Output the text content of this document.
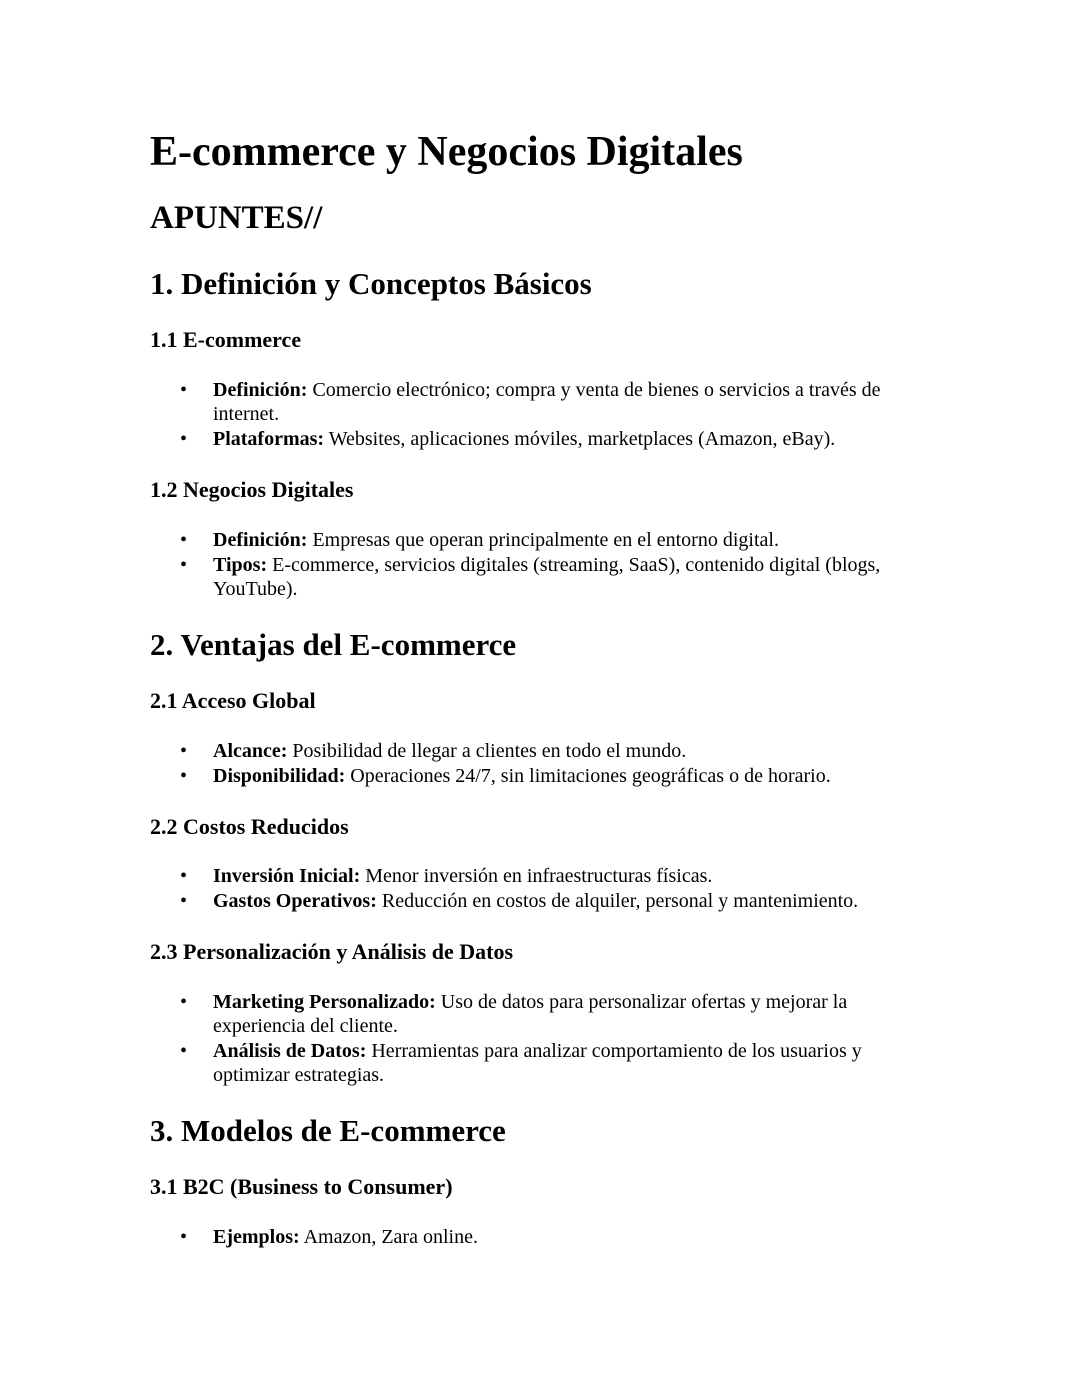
E-commerce y Negocios Digitales
APUNTES//
1. Definición y Conceptos Básicos
1.1 E-commerce
• Definición: Comercio electrónico; compra y venta de bienes o servicios a través de internet.
• Plataformas: Websites, aplicaciones móviles, marketplaces (Amazon, eBay).
1.2 Negocios Digitales
• Definición: Empresas que operan principalmente en el entorno digital.
• Tipos: E-commerce, servicios digitales (streaming, SaaS), contenido digital (blogs, YouTube).
2. Ventajas del E-commerce
2.1 Acceso Global
• Alcance: Posibilidad de llegar a clientes en todo el mundo.
• Disponibilidad: Operaciones 24/7, sin limitaciones geográficas o de horario.
2.2 Costos Reducidos
• Inversión Inicial: Menor inversión en infraestructuras físicas.
• Gastos Operativos: Reducción en costos de alquiler, personal y mantenimiento.
2.3 Personalización y Análisis de Datos
• Marketing Personalizado: Uso de datos para personalizar ofertas y mejorar la experiencia del cliente.
• Análisis de Datos: Herramientas para analizar comportamiento de los usuarios y optimizar estrategias.
3. Modelos de E-commerce
3.1 B2C (Business to Consumer)
• Ejemplos: Amazon, Zara online.
